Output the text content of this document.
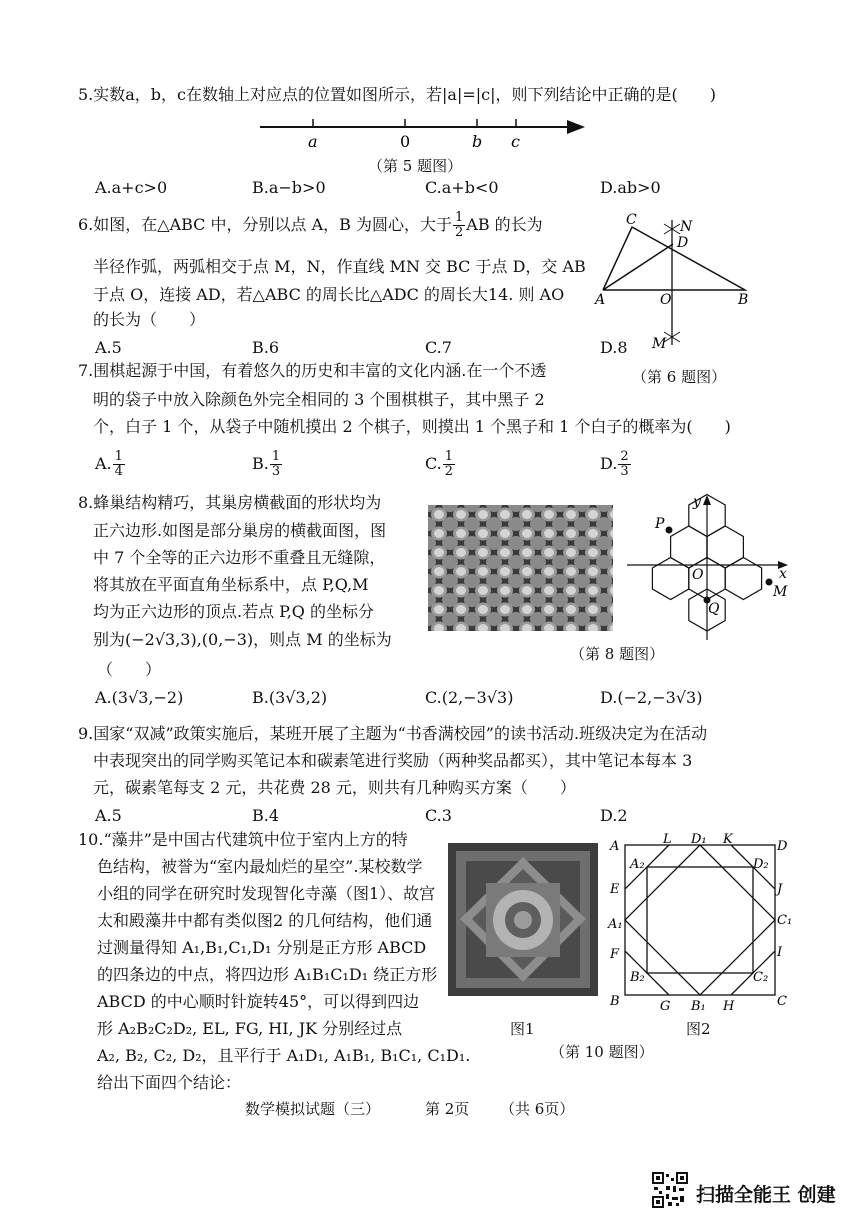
5.实数a，b，c在数轴上对应点的位置如图所示，若|a|=|c|，则下列结论中正确的是(　　)
a	0	b c
（第 5 题图）
A.a+c>0	B.a−b>0	C.a+b<0	D.ab>0
6.如图，在△ABC 中，分别以点 A，B 为圆心，大于 $\frac{1}{2}$ AB 的长为
半径作弧，两弧相交于点 M，N，作直线 MN 交 BC 于点 D，交 AB
于点 O，连接 AD，若△ABC 的周长比△ADC 的周长大14. 则 AO
的长为（　　）
A.5	B.6	C.7	D.8
C	N
D
A	O	B
M
（第 6 题图）
7.围棋起源于中国，有着悠久的历史和丰富的文化内涵.在一个不透
明的袋子中放入除颜色外完全相同的 3 个围棋棋子，其中黑子 2
个，白子 1 个，从袋子中随机摸出 2 个棋子，则摸出 1 个黑子和 1 个白子的概率为(　　)
A. $\frac{1}{4}$	B. $\frac{1}{3}$	C. $\frac{1}{2}$	D. $\frac{2}{3}$
8.蜂巢结构精巧，其巢房横截面的形状均为
正六边形.如图是部分巢房的横截面图，图
中 7 个全等的正六边形不重叠且无缝隙，
将其放在平面直角坐标系中，点 P,Q,M
均为正六边形的顶点.若点 P,Q 的坐标分
别为(−2√3,3),(0,−3)，则点 M 的坐标为
（　　）
y
P
O	x
Q
M
（第 8 题图）
A.(3√3,−2)	B.(3√3,2)	C.(2,−3√3)	D.(−2,−3√3)
9.国家“双减”政策实施后，某班开展了主题为“书香满校园”的读书活动.班级决定为在活动
中表现突出的同学购买笔记本和碳素笔进行奖励（两种奖品都买），其中笔记本每本 3
元，碳素笔每支 2 元，共花费 28 元，则共有几种购买方案（　　）
A.5	B.4	C.3	D.2
10.“藻井”是中国古代建筑中位于室内上方的特
色结构，被誉为“室内最灿烂的星空”.某校数学
小组的同学在研究时发现智化寺藻（图1）、故宫
太和殿藻井中都有类似图2 的几何结构，他们通
过测量得知 A₁,B₁,C₁,D₁ 分别是正方形 ABCD
的四条边的中点，将四边形 A₁B₁C₁D₁ 绕正方形
ABCD 的中心顺时针旋转45°，可以得到四边
形 A₂B₂C₂D₂, EL, FG, HI, JK 分别经过点
A₂, B₂, C₂, D₂，且平行于 A₁D₁, A₁B₁, B₁C₁, C₁D₁.
给出下面四个结论：
图1
A	L D₁ K	D
A₂	D₂
E	J
C₁
A₁
I
F
B₂	C₂
B	G B₁ H	C
图2
（第 10 题图）
数学模拟试题（三）	第 2页 （共 6页）
扫描全能王 创建
